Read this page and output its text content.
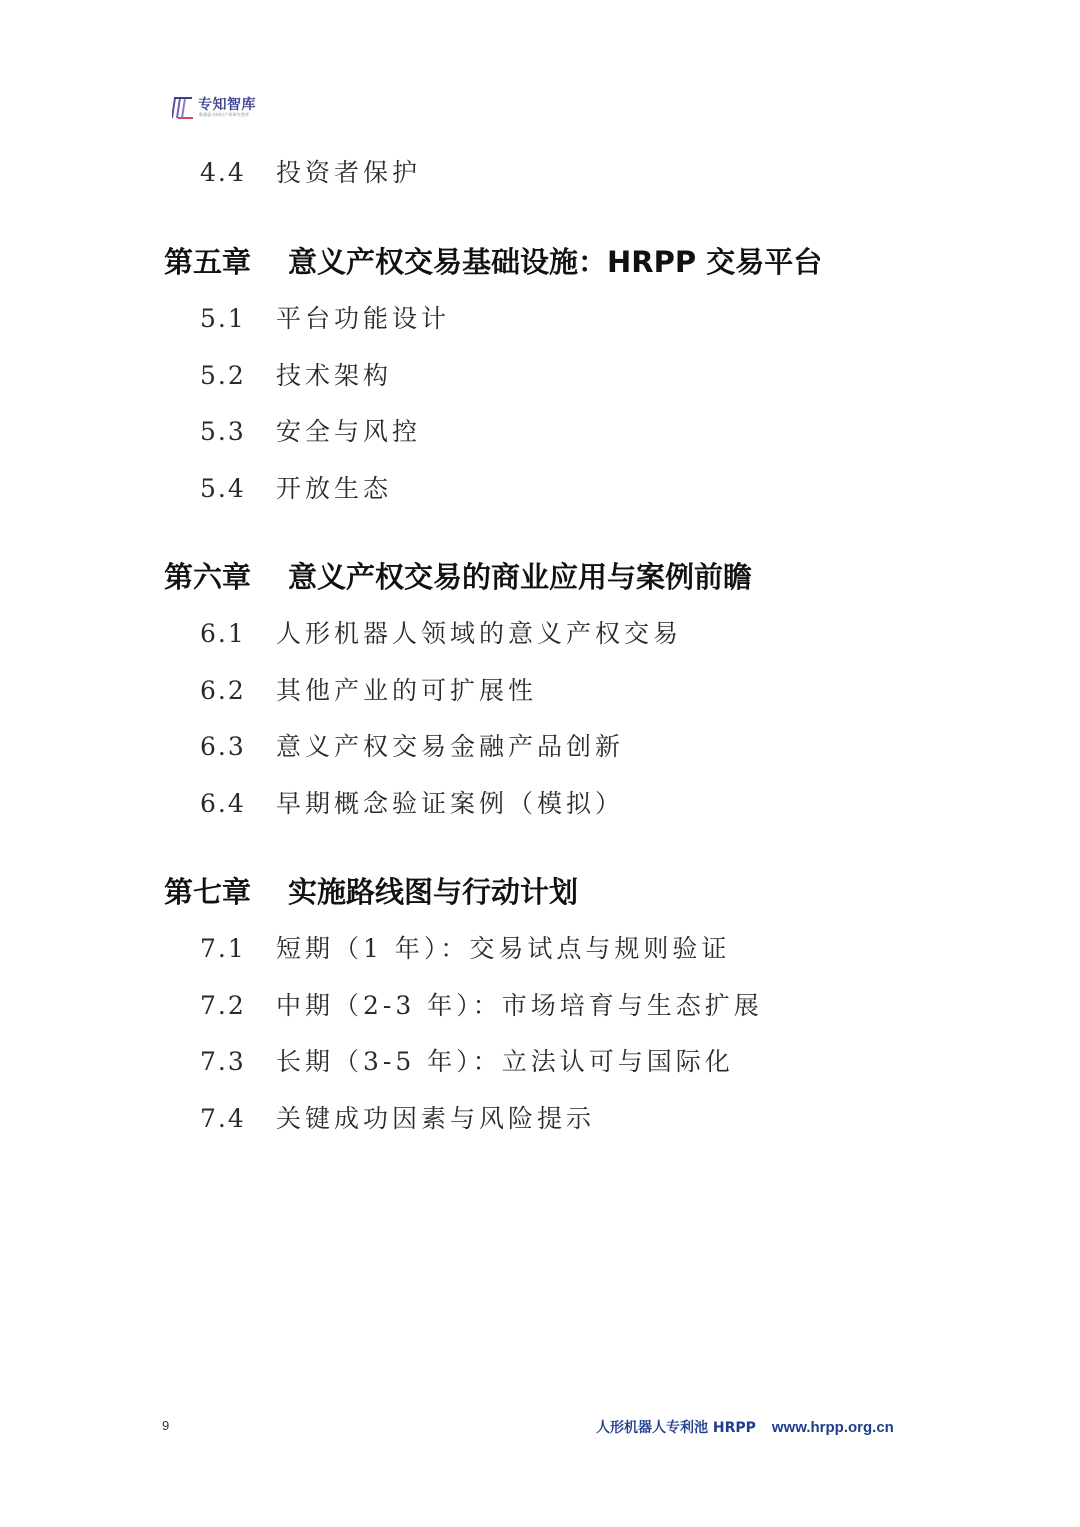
专知智库
数据驱动知识产权研究智库
4.4 投资者保护
第五章 意义产权交易基础设施：HRPP 交易平台
5.1 平台功能设计
5.2 技术架构
5.3 安全与风控
5.4 开放生态
第六章 意义产权交易的商业应用与案例前瞻
6.1 人形机器人领域的意义产权交易
6.2 其他产业的可扩展性
6.3 意义产权交易金融产品创新
6.4 早期概念验证案例（模拟）
第七章 实施路线图与行动计划
7.1 短期（1 年）：交易试点与规则验证
7.2 中期（2-3 年）：市场培育与生态扩展
7.3 长期（3-5 年）：立法认可与国际化
7.4 关键成功因素与风险提示
9	人形机器人专利池 HRPP www.hrpp.org.cn
